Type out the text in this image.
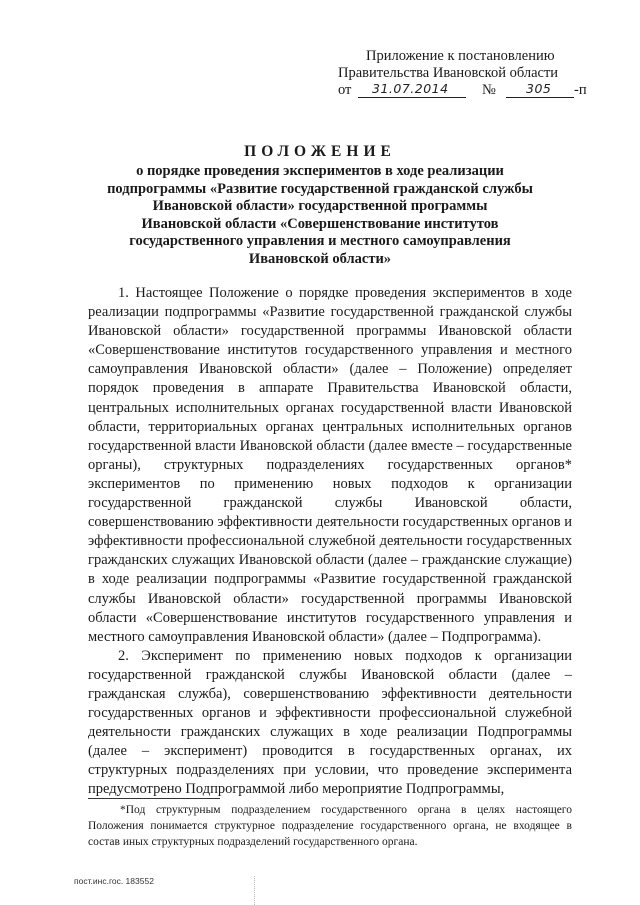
Приложение к постановлению
Правительства Ивановской области
от 31.07.2014 № 305 -п
ПОЛОЖЕНИЕ
о порядке проведения экспериментов в ходе реализации
подпрограммы «Развитие государственной гражданской службы
Ивановской области» государственной программы
Ивановской области «Совершенствование институтов
государственного управления и местного самоуправления
Ивановской области»

1. Настоящее Положение о порядке проведения экспериментов в ходе реализации подпрограммы «Развитие государственной гражданской службы Ивановской области» государственной программы Ивановской области «Совершенствование институтов государственного управления и местного самоуправления Ивановской области» (далее – Положение) определяет порядок проведения в аппарате Правительства Ивановской области, центральных исполнительных органах государственной власти Ивановской области, территориальных органах центральных исполнительных органов государственной власти Ивановской области (далее вместе – государственные органы), структурных подразделениях государственных органов* экспериментов по применению новых подходов к организации государственной гражданской службы Ивановской области, совершенствованию эффективности деятельности государственных органов и эффективности профессиональной служебной деятельности государственных гражданских служащих Ивановской области (далее – гражданские служащие) в ходе реализации подпрограммы «Развитие государственной гражданской службы Ивановской области» государственной программы Ивановской области «Совершенствование институтов государственного управления и местного самоуправления Ивановской области» (далее – Подпрограмма).

2. Эксперимент по применению новых подходов к организации государственной гражданской службы Ивановской области (далее – гражданская служба), совершенствованию эффективности деятельности государственных органов и эффективности профессиональной служебной деятельности гражданских служащих в ходе реализации Подпрограммы (далее – эксперимент) проводится в государственных органах, их структурных подразделениях при условии, что проведение эксперимента предусмотрено Подпрограммой либо мероприятие Подпрограммы,

*Под структурным подразделением государственного органа в целях настоящего Положения понимается структурное подразделение государственного органа, не входящее в состав иных структурных подразделений государственного органа.

пост.инс.гос. 183552
